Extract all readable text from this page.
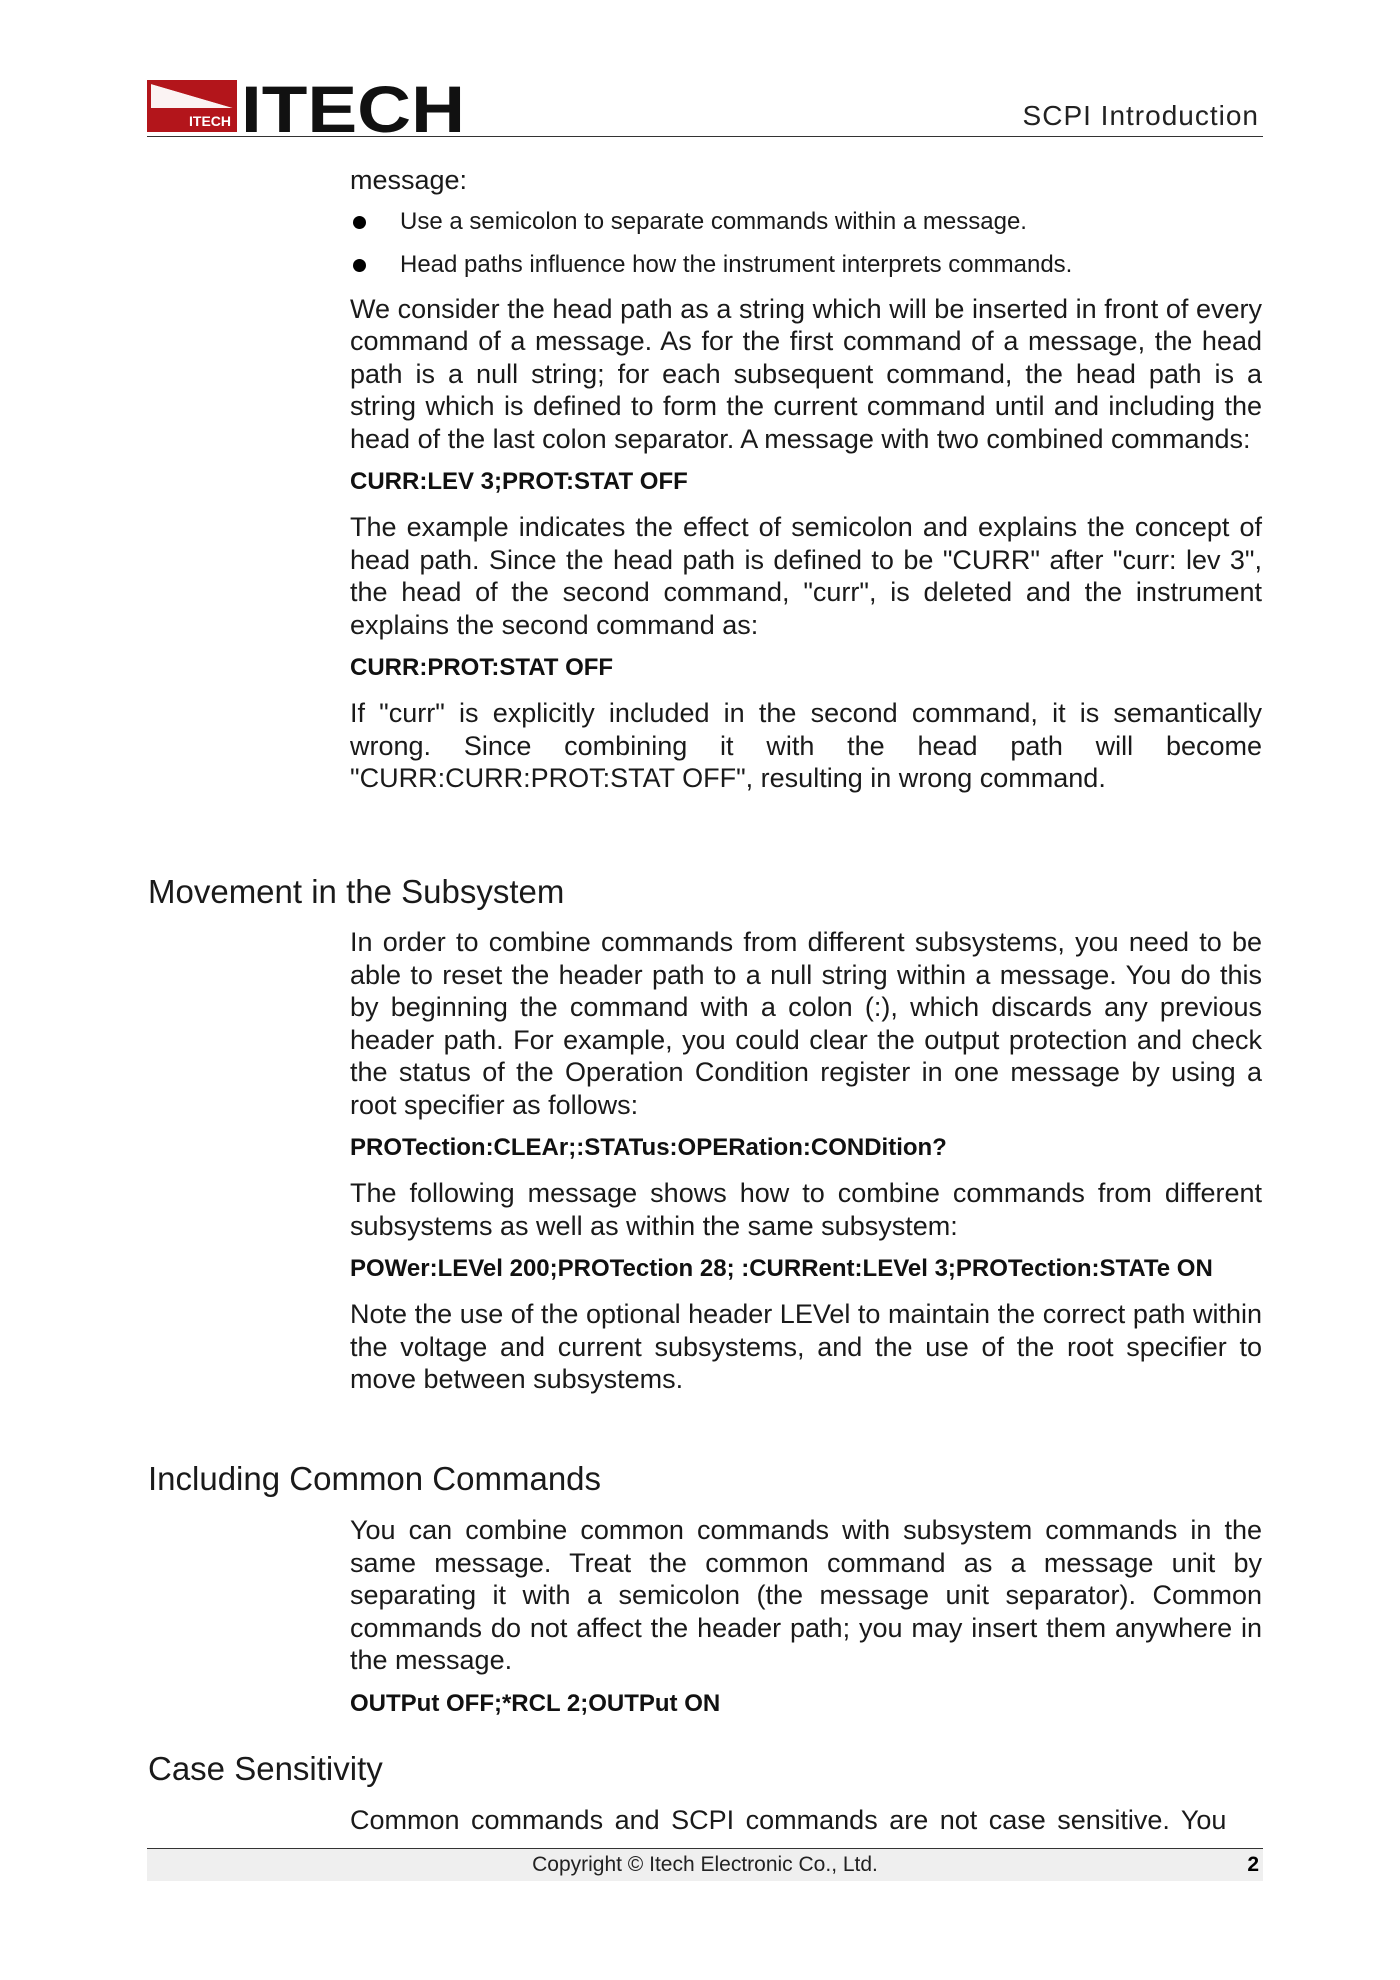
ITECH ITECH	SCPI Introduction

message:

Use a semicolon to separate commands within a message.
Head paths influence how the instrument interprets commands.

We consider the head path as a string which will be inserted in front of every command of a message. As for the first command of a message, the head path is a null string; for each subsequent command, the head path is a string which is defined to form the current command until and including the head of the last colon separator. A message with two combined commands:

CURR:LEV 3;PROT:STAT OFF

The example indicates the effect of semicolon and explains the concept of head path. Since the head path is defined to be "CURR" after "curr: lev 3", the head of the second command, "curr", is deleted and the instrument explains the second command as:

CURR:PROT:STAT OFF

If "curr" is explicitly included in the second command, it is semantically wrong. Since combining it with the head path will become "CURR:CURR:PROT:STAT OFF", resulting in wrong command.

Movement in the Subsystem

In order to combine commands from different subsystems, you need to be able to reset the header path to a null string within a message. You do this by beginning the command with a colon (:), which discards any previous header path. For example, you could clear the output protection and check the status of the Operation Condition register in one message by using a root specifier as follows:

PROTection:CLEAr;:STATus:OPERation:CONDition?

The following message shows how to combine commands from different subsystems as well as within the same subsystem:

POWer:LEVel 200;PROTection 28; :CURRent:LEVel 3;PROTection:STATe ON

Note the use of the optional header LEVel to maintain the correct path within the voltage and current subsystems, and the use of the root specifier to move between subsystems.

Including Common Commands

You can combine common commands with subsystem commands in the same message. Treat the common command as a message unit by separating it with a semicolon (the message unit separator). Common commands do not affect the header path; you may insert them anywhere in the message.

OUTPut OFF;*RCL 2;OUTPut ON

Case Sensitivity

Common commands and SCPI commands are not case sensitive. You

Copyright © Itech Electronic Co., Ltd.	2
